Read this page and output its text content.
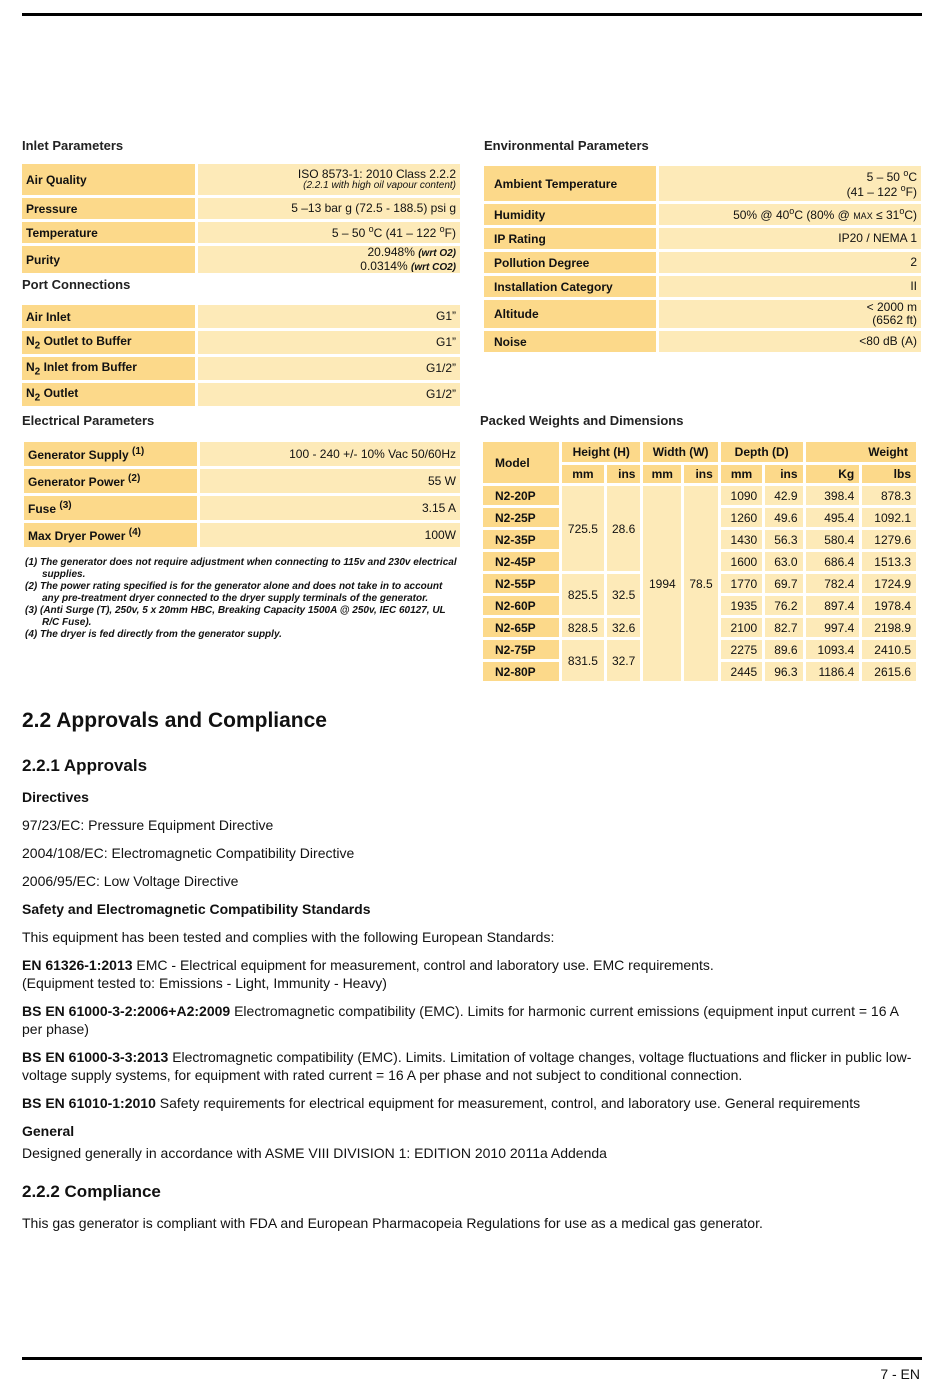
Inlet Parameters
Air Quality	ISO 8573-1: 2010 Class 2.2.2
(2.2.1 with high oil vapour content)

Pressure	5 –13 bar g (72.5 - 188.5) psi g
Temperature	5 – 50 $^o$C (41 – 122 $^o$F)
Purity	20.948% (wrt O2)
0.0314% (wrt CO2)
Port Connections
Air Inlet	G1”
$N_2$ Outlet to Buffer	G1”
$N_2$ Inlet from Buffer	G1/2”
$N_2$ Outlet	G1/2”
Electrical Parameters
Generator Supply $^{(1)}$	100 - 240 +/- 10% Vac 50/60Hz
Generator Power $^{(2)}$	55 W
Fuse $^{(3)}$	3.15 A
Max Dryer Power $^{(4)}$	100W
(1) The generator does not require adjustment when connecting to 115v and 230v electrical supplies.
(2) The power rating specified is for the generator alone and does not take in to account any pre-treatment dryer connected to the dryer supply terminals of the generator.
(3) (Anti Surge (T), 250v, 5 x 20mm HBC, Breaking Capacity 1500A @ 250v, IEC 60127, UL R/C Fuse).
(4) The dryer is fed directly from the generator supply.
Environmental Parameters
Ambient Temperature	5 – 50 $^o$C
(41 – 122 $^o$F)

Humidity	50% @ 40$^o$C (80% @ MAX ≤ $31^oC$)
IP Rating	IP20 / NEMA 1
Pollution Degree	2
Installation Category	II
Altitude	< 2000 m
(6562 ft)

Noise	<80 dB (A)
Packed Weights and Dimensions
Model	Height (H)		Width (W)		Depth (D)		Weight	
	mm	ins	mm	ins	mm	ins	Kg	lbs
N2-20P	725.5	28.6	1994	78.5	1090	42.9	398.4	878.3
N2-25P					1260	49.6	495.4	1092.1
N2-35P					1430	56.3	580.4	1279.6
N2-45P					1600	63.0	686.4	1513.3
N2-55P	825.5	32.5			1770	69.7	782.4	1724.9
N2-60P					1935	76.2	897.4	1978.4
N2-65P	828.5	32.6			2100	82.7	997.4	2198.9
N2-75P	831.5	32.7			2275	89.6	1093.4	2410.5
N2-80P					2445	96.3	1186.4	2615.6
2.2 Approvals and Compliance
2.2.1 Approvals
Directives
97/23/EC: Pressure Equipment Directive
2004/108/EC: Electromagnetic Compatibility Directive
2006/95/EC: Low Voltage Directive
Safety and Electromagnetic Compatibility Standards
This equipment has been tested and complies with the following European Standards:
EN 61326-1:2013 EMC - Electrical equipment for measurement, control and laboratory use. EMC requirements.
(Equipment tested to: Emissions - Light, Immunity - Heavy)
BS EN 61000-3-2:2006+A2:2009 Electromagnetic compatibility (EMC). Limits for harmonic current emissions (equipment input current = 16 A per phase)
BS EN 61000-3-3:2013 Electromagnetic compatibility (EMC). Limits. Limitation of voltage changes, voltage fluctuations and flicker in public low-voltage supply systems, for equipment with rated current = 16 A per phase and not subject to conditional connection.
BS EN 61010-1:2010 Safety requirements for electrical equipment for measurement, control, and laboratory use. General requirements
General
Designed generally in accordance with ASME VIII DIVISION 1: EDITION 2010 2011a Addenda
2.2.2 Compliance
This gas generator is compliant with FDA and European Pharmacopeia Regulations for use as a medical gas generator.
7 - EN
